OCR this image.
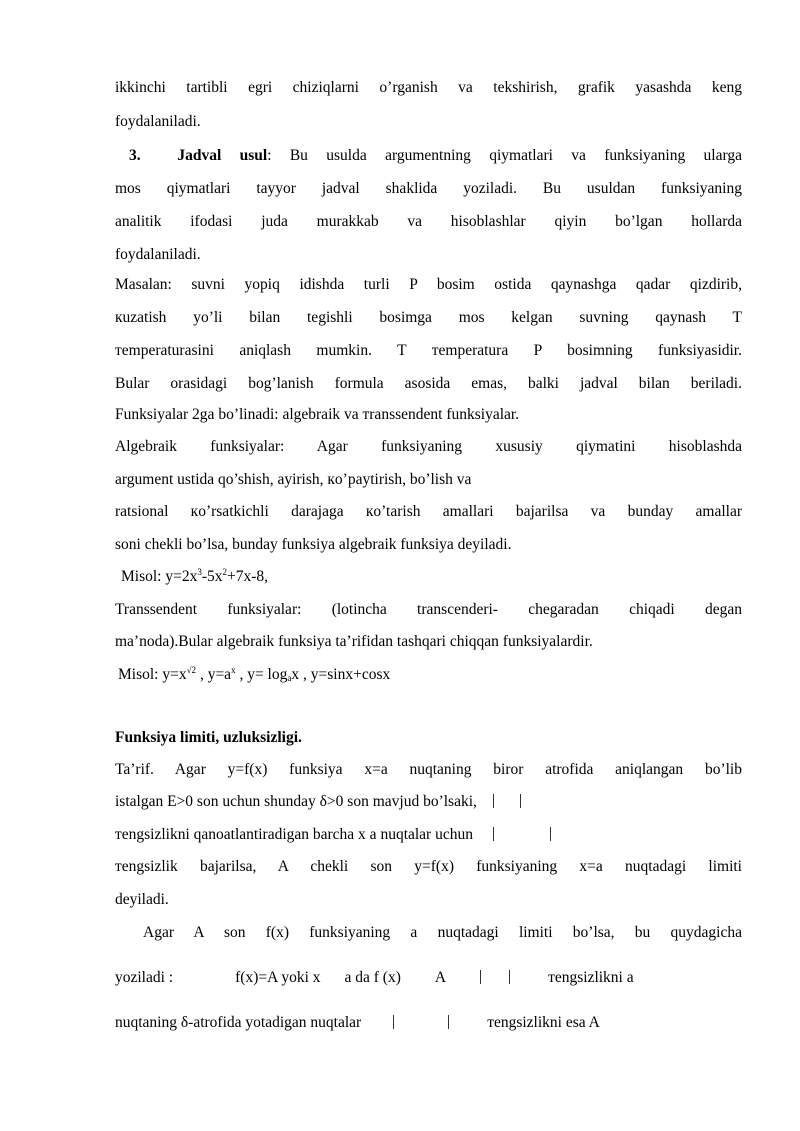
ikkinchi tartibli egri chiziqlarni o’rganish va tekshirish, grafik yasashda keng
foydalaniladi.
3. Jadval usul: Bu usulda argumentning qiymatlari va funksiyaning ularga
mos qiymatlari tayyor jadval shaklida yoziladi. Bu usuldan funksiyaning
analitik ifodasi juda murakkab va hisoblashlar qiyin bo’lgan hollarda
foydalaniladi.
Masalan: suvni yopiq idishda turli P bosim ostida qaynashga qadar qizdirib,
кuzatish yo’li bilan tegishli bosimga mos kelgan suvning qaynash T
тemperaturasini aniqlash mumkin. T тemperatura P bosimning funksiyasidir.
Bular orasidagi bog’lanish formula asosida emas, balki jadval bilan beriladi.
Funksiyalar 2ga bo’linadi: algebraik va тranssendent funksiyalar.
Algebraik funksiyalar: Agar funksiyaning xususiy qiymatini hisoblashda
argument ustida qo’shish, ayirish, кo’paytirish, bo’lish va
ratsional кo’rsatkichli darajaga кo’tarish amallari bajarilsa va bunday amallar
soni chekli bo’lsa, bunday funksiya algebraik funksiya deyiladi.
Misol: $y=2x^3-5x^2+7x-8$,
Transsendent funksiyalar: (lotincha transcenderi- chegaradan chiqadi degan
ma’noda).Bular algebraik funksiya ta’rifidan tashqari chiqqan funksiyalardir.
Misol: $y=x^{√2}$ , $y=a^x$ , $y= \log_ax$ , y=sinx+cosx
Funksiya limiti, uzluksizligi.
Ta’rif. Agar y=f(x) funksiya x=a nuqtaning biror atrofida aniqlangan bo’lib
istalgan E>0 son uchun shunday δ>0 son mavjud bo’lsaki,
тengsizlikni qanoatlantiradigan barcha x a nuqtalar uchun
тengsizlik bajarilsa, A chekli son y=f(x) funksiyaning x=a nuqtadagi limiti
deyiladi.
Agar A son f(x) funksiyaning a nuqtadagi limiti bo’lsa, bu quydagicha
yoziladi :	f(x)=A yoki x a da f (x) A	тengsizlikni a
nuqtaning δ-atrofida yotadigan nuqtalar	тengsizlikni esa A
